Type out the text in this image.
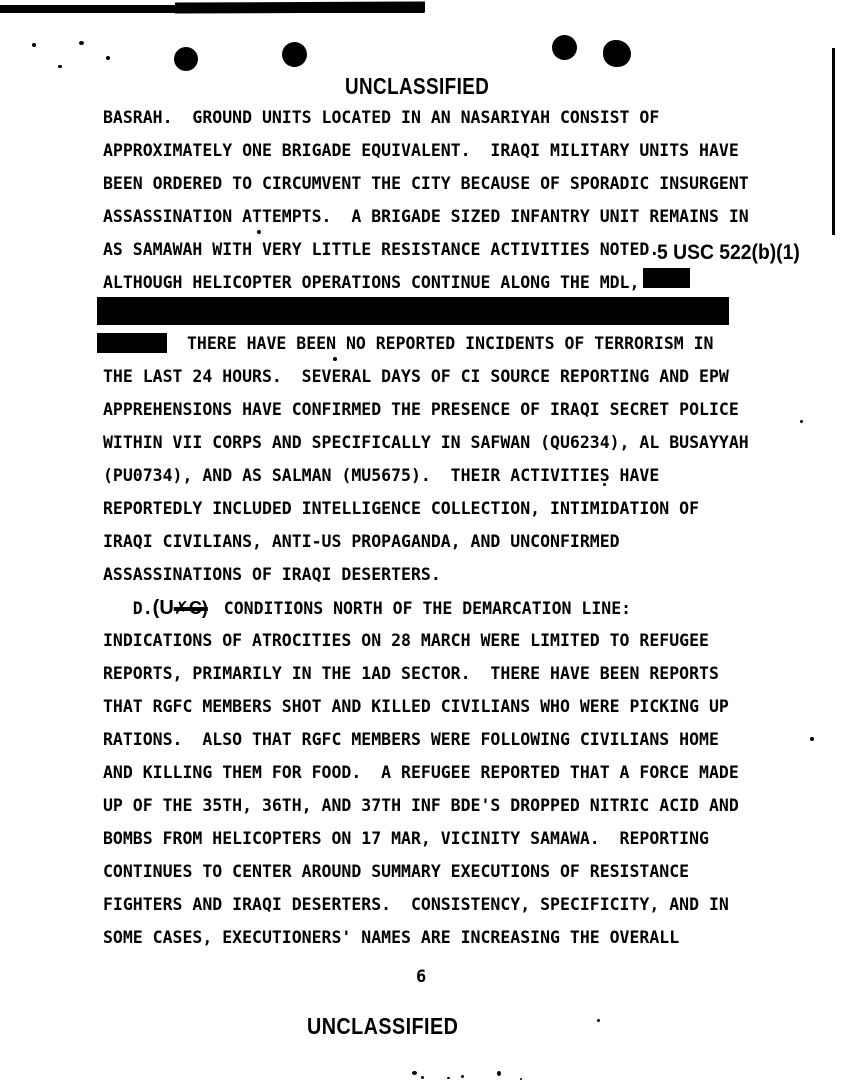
UNCLASSIFIED
BASRAH.  GROUND UNITS LOCATED IN AN NASARIYAH CONSIST OF
APPROXIMATELY ONE BRIGADE EQUIVALENT.  IRAQI MILITARY UNITS HAVE
BEEN ORDERED TO CIRCUMVENT THE CITY BECAUSE OF SPORADIC INSURGENT
ASSASSINATION ATTEMPTS.  A BRIGADE SIZED INFANTRY UNIT REMAINS IN
AS SAMAWAH WITH VERY LITTLE RESISTANCE ACTIVITIES NOTED.
ALTHOUGH HELICOPTER OPERATIONS CONTINUE ALONG THE MDL,
THERE HAVE BEEN NO REPORTED INCIDENTS OF TERRORISM IN
THE LAST 24 HOURS.  SEVERAL DAYS OF CI SOURCE REPORTING AND EPW
APPREHENSIONS HAVE CONFIRMED THE PRESENCE OF IRAQI SECRET POLICE
WITHIN VII CORPS AND SPECIFICALLY IN SAFWAN (QU6234), AL BUSAYYAH
(PU0734), AND AS SALMAN (MU5675).  THEIR ACTIVITIES HAVE
REPORTEDLY INCLUDED INTELLIGENCE COLLECTION, INTIMIDATION OF
IRAQI CIVILIANS, ANTI-US PROPAGANDA, AND UNCONFIRMED
ASSASSINATIONS OF IRAQI DESERTERS.
D.(U✗C) CONDITIONS NORTH OF THE DEMARCATION LINE:
INDICATIONS OF ATROCITIES ON 28 MARCH WERE LIMITED TO REFUGEE
REPORTS, PRIMARILY IN THE 1AD SECTOR.  THERE HAVE BEEN REPORTS
THAT RGFC MEMBERS SHOT AND KILLED CIVILIANS WHO WERE PICKING UP
RATIONS.  ALSO THAT RGFC MEMBERS WERE FOLLOWING CIVILIANS HOME
AND KILLING THEM FOR FOOD.  A REFUGEE REPORTED THAT A FORCE MADE
UP OF THE 35TH, 36TH, AND 37TH INF BDE'S DROPPED NITRIC ACID AND
BOMBS FROM HELICOPTERS ON 17 MAR, VICINITY SAMAWA.  REPORTING
CONTINUES TO CENTER AROUND SUMMARY EXECUTIONS OF RESISTANCE
FIGHTERS AND IRAQI DESERTERS.  CONSISTENCY, SPECIFICITY, AND IN
SOME CASES, EXECUTIONERS' NAMES ARE INCREASING THE OVERALL
5 USC 522(b)(1)
6
UNCLASSIFIED
